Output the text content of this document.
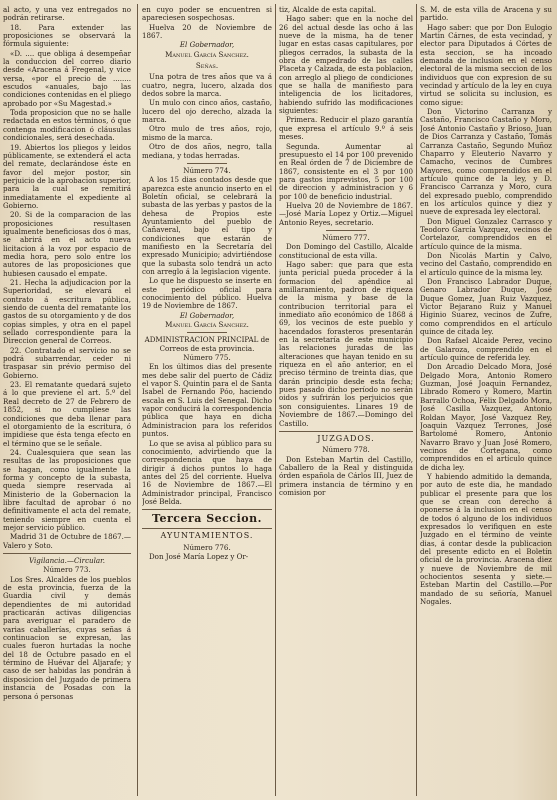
al acto, y una vez entregados no podrán retirarse.

18. Para extender las proposiciones se observará la fórmula siguiente:

«D. .... que obliga á desempeñar la conduccion del correo diario desde «Aracena á Fregenal, y vice versa, «por el precio de ........ escudos «anuales, bajo las condiciones contenidas en el pliego aprobado por «Su Magestad.»

Toda proposicion que no se halle redactada en estos términos, ó que contenga modificacion ó cláusulas condicionales, será desechada.

19. Abiertos los pliegos y leidos públicamente, se extenderá el acta del remate, declarándose éste en favor del mejor postor, sin perjuicio de la aprobacion superior, para la cual se remitirá inmediatamente el expediente al Gobierno.

20. Si de la comparacion de las proposiciones resultasen igualmente beneficiosas dos ó mas, se abrirá en el acto nueva licitacion á la voz por espacio de media hora, pero solo entre los autores de las proposiciones que hubiesen causado el empate.

21. Hecha la adjudicacion por la Superioridad, se elevará el contrato á escritura pública, siendo de cuenta del rematante los gastos de su otorgamiento y de dos copias simples, y otra en el papel sellado correspondiente para la Direccion general de Correos.

22. Contratado el servicio no se podrá subarrendar, ceder ni traspasar sin prévio permiso del Gobierno.

23. El rematante quedará sujeto á lo que previene el art. 5.º del Real decreto de 27 de Febrero de 1852, si no cumpliese las condiciones que deba llenar para el otorgamiento de la escritura, ó impidiese que ésta tenga efecto en el término que se le señale.

24. Cualesquiera que sean las resultas de las proposiciones que se hagan, como igualmente la forma y concepto de la subasta, queda siempre reservada al Ministerio de la Gobernacion la libre facultad de aprobar ó no definitivamente el acta del remate, teniendo siempre en cuenta el mejor servicio público.

Madrid 31 de Octubre de 1867.—Valero y Soto.

Vigilancia.—Circular.

Número 773.

Los Sres. Alcaldes de los pueblos de esta provincia, fuerza de la Guardia civil y demás dependientes de mi autoridad practicarán activas diligencias para averiguar el paradero de varias caballerías, cuyas señas á continuacion se expresan, las cuales fueron hurtadas la noche del 18 de Octubre pasado en el término de Huévar del Aljarafe; y caso de ser habidas las pondrán á disposicion del Juzgado de primera instancia de Posadas con la persona ó personas

en cuyo poder se encuentren si apareciesen sospechosas.

Huelva 20 de Noviembre de 1867.

El Gobernador,

Manuel García Sanchez.

Señas.

Una potra de tres años que va á cuatro, negra, lucero, alzada dos dedos sobre la marca.

Un mulo con cinco años, castaño, lucero del ojo derecho, alzada la marca.

Otro mulo de tres años, rojo, mismo de la marca.

Otro de dos años, negro, talla mediana, y todas herradas.

Número 774.

A los 15 dias contados desde que aparezca este anuncio inserto en el Boletín oficial, se celebrará la subasta de las yerbas y pastos de la dehesa de Propios este Ayuntamiento del pueblo de Cañaveral, bajo el tipo y condiciones que estarán de manifiesto en la Secretaría del expresado Municipio; advirtiéndose que la subasta solo tendrá un acto con arreglo á la legislacion vigente.

Lo que he dispuesto se inserte en este periódico oficial para conocimiento del público. Huelva 19 de Noviembre de 1867.

El Gobernador,

Manuel García Sanchez.

ADMINISTRACION PRINCIPAL de Correos de esta provincia.

Número 775.

En los últimos dias del presente mes debe salir del puerto de Cádiz el vapor S. Quintin para el de Santa Isabel de Fernando Póo, haciendo escala en S. Luis del Senegal. Dicho vapor conducirá la correspondencia pública que haya en dicha Administracion para los referidos puntos.

Lo que se avisa al público para su conocimiento, advirtiendo que la correspondencia que haya de dirigir á dichos puntos lo haga antes del 25 del corriente. Huelva 16 de Noviembre de 1867.—El Administrador principal, Francisco José Belda.

Tercera Seccion.
AYUNTAMIENTOS.

Número 776.

Don José María Lopez y Or-

tiz, Alcalde de esta capital.

Hago saber: que en la noche del 26 del actual desde las ocho á las nueve de la misma, ha de tener lugar en estas casas capitulares, por pliegos cerrados, la subasta de la obra de empedrado de las calles Placeta y Calzada, de esta poblacion, con arreglo al pliego de condiciones que se halla de manifiesto para inteligencia de los licitadores, habiendo sufrido las modificaciones siguientes:

Primera. Reducir el plazo garantía que expresa el artículo 9.º á seis meses.

Segunda. Aumentar al presupuesto el 14 por 100 prevenido en Real órden de 7 de Diciembre de 1867, consistente en el 3 por 100 para gastos imprevistos, 5 por 100 de direccion y administracion y 6 por 100 de beneficio industrial.

Huelva 20 de Noviembre de 1867.—José María Lopez y Ortiz.—Miguel Antonio Reyes, secretario.

Número 777.

Don Domingo del Castillo, Alcalde constitucional de esta villa.

Hago saber: que para que esta junta pericial pueda proceder á la formacion del apéndice al amillaramiento, padron de riqueza de la misma y base de la contribucion territorial para el inmediato año económico de 1868 á 69, los vecinos de este pueblo y hacendados forasteros presentarán en la secretaría de este municipio las relaciones juradas de las alteraciones que hayan tenido en su riqueza en el año anterior, en el preciso término de treinta dias, que darán principio desde esta fecha; pues pasado dicho período no serán oidos y sufrirán los perjuicios que son consiguientes. Linares 19 de Noviembre de 1867.—Domingo del Castillo.

JUZGADOS.

Número 778.

Don Esteban Martin del Castillo, Caballero de la Real y distinguida órden española de Cárlos III, Juez de primera instancia de término y en comision por

S. M. de esta villa de Aracena y su partido.

Hago saber: que por Don Eulogio Martin Cárnes, de esta vecindad, y elector para Diputados á Córtes de esta seccion, se ha incoado demanda de inclusion en el censo electoral de la misma seccion de los individuos que con expresion de su vecindad y artículo de la ley en cuya virtud se solicita su inclusion, es como sigue:

Don Victorino Carranza y Castaño, Francisco Castaño y Moro, José Antonio Castaño y Brioso, Juan de Dios Carranza y Castaño, Tomás Carranza Castaño, Segundo Muñoz Chaparro y Eleuterio Navarro y Camacho, vecinos de Cumbres Mayores, como comprendidos en el artículo quince de la ley, y D. Francisco Carranza y Moro, cura del expresado pueblo, comprendido en los artículos quince y diez y nueve de expresada ley electoral.

Don Miguel Gonzalez Carrasco y Teodoro García Vazquez, vecinos de Cortelazor, comprendidos en el artículo quince de la misma.

Don Nicolás Martin y Calvo, vecino del Castaño, comprendido en el artículo quince de la misma ley.

Don Francisco Labrador Duque, Genaro Labrador Duque, José Duque Gomez, Juan Ruiz Vazquez, Victor Bejarano Ruiz y Manuel Higinio Suarez, vecinos de Zufre, como comprendidos en el artículo quince de citada ley.

Don Rafael Alcaide Perez, vecino de Galaroza, comprendido en el artículo quince de referida ley.

Don Arcadio Delcado Mora, José Delgado Mora, Antonio Romero Guzman, José Joaquin Fernandez, Librado Romero y Romero, Martin Barrallo Ochoa, Félix Delgado Mora, José Casilla Vazquez, Antonio Roldan Mayor, José Vazquez Rey, Joaquin Vazquez Terrones, José Bartolomé Romero, Antonio Navarro Bravo y Juan José Romero, vecinos de Corteganа, como comprendidos en el artículo quince de dicha ley.

Y habiendo admitido la demanda, por auto de este dia, he mandado publicar el presente para que los que se crean con derecho á oponerse á la inclusion en el censo de todos ó alguno de los individuos expresados lo verifiquen en este Juzgado en el término de veinte dias, á contar desde la publicacion del presente edicto en el Boletín oficial de la provincia. Aracena diez y nueve de Noviembre de mil ochocientos sesenta y siete.—Esteban Martin del Castillo.—Por mandado de su señoría, Manuel Nogales.
